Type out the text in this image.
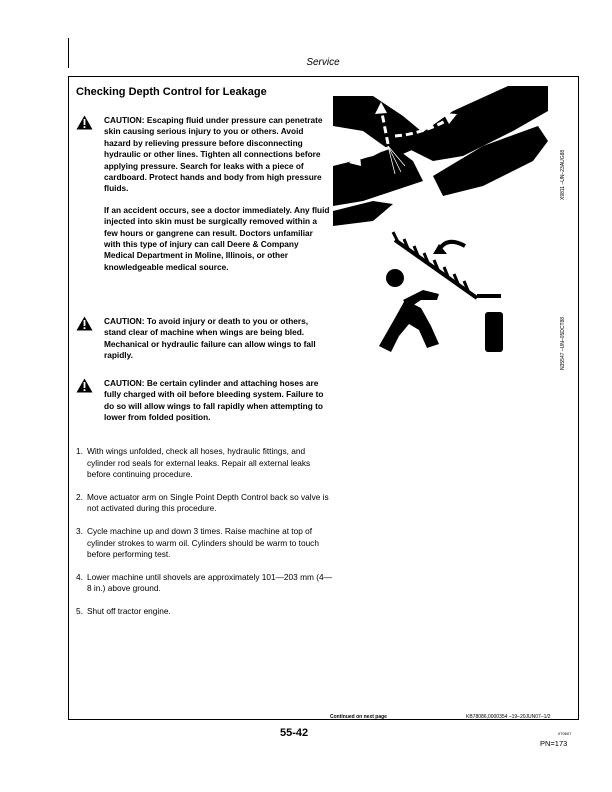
Service
Checking Depth Control for Leakage

CAUTION: Escaping fluid under pressure can penetrate skin causing serious injury to you or others. Avoid hazard by relieving pressure before disconnecting hydraulic or other lines. Tighten all connections before applying pressure. Search for leaks with a piece of cardboard. Protect hands and body from high pressure fluids.

If an accident occurs, see a doctor immediately. Any fluid injected into skin must be surgically removed within a few hours or gangrene can result. Doctors unfamiliar with this type of injury can call Deere & Company Medical Department in Moline, Illinois, or other knowledgeable medical source.

CAUTION: To avoid injury or death to you or others, stand clear of machine when wings are being bled. Mechanical or hydraulic failure can allow wings to fall rapidly.

CAUTION: Be certain cylinder and attaching hoses are fully charged with oil before bleeding system. Failure to do so will allow wings to fall rapidly when attempting to lower from folded position.

1. With wings unfolded, check all hoses, hydraulic fittings, and cylinder rod seals for external leaks. Repair all external leaks before continuing procedure.
2. Move actuator arm on Single Point Depth Control back so valve is not activated during this procedure.
3. Cycle machine up and down 3 times. Raise machine at top of cylinder strokes to warm oil. Cylinders should be warm to touch before performing test.
4. Lower machine until shovels are approximately 101—203 mm (4—8 in.) above ground.
5. Shut off tractor engine.
X9811 –UN–23AUG88
N35547 –UN–05DCT88
Continued on next page	KB78086,0000354 –19–20JUN07–1/2
55-42	070607
PN=173
